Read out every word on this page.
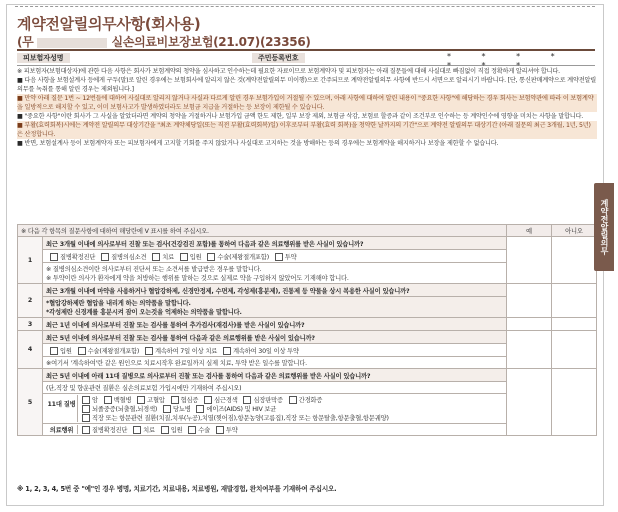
계약전알릴의무사항(회사용)
(무	실손의료비보장보험(21.07)(23356)
피보험자성명	주민등록번호	* * * * * * *

※ 피보험자(보험대상자)에 관한 다음 사항은 회사가 보험계약의 청약을 심사하고 인수하는데 필요한 자료이므로 보험계약자 및 피보험자는 아래 질문들에 대해 사실대로 빠짐없이 직접 정확하게 알리셔야 합니다.

■ 다음 사항을 보험설계사 등에게 구두(말)로 알린 경우에는 보험회사에 알리지 않은 것(계약전알릴의무 미이행)으로 간주되므로 계약전알릴의무 사항에 반드시 서면으로 알리시기 바랍니다. [단, 통신판매계약으로 계약전알릴의무를 녹취를 통해 알린 경우는 제외됩니다.]

■ 만약 아래 질문 1번 ~ 12번들에 대하여 사실대로 알리지 않거나 사실과 다르게 알린 경우 보험가입이 거절될 수 있으며, 아래 사항에 대하여 알린 내용이 "중요한 사항"에 해당하는 경우 회사는 보험약관에 따라 이 보험계약을 일방적으로 해지할 수 있고, 이미 보험사고가 발생하였더라도 보험금 지급을 거절하는 등 보장이 제한될 수 있습니다.

■ "중요한 사항"이란 회사가 그 사실을 알았더라면 계약의 청약을 거절하거나 보험가입 금액 한도 제한, 일부 보장 제외, 보험금 삭감, 보험료 할증과 같이 조건부로 인수하는 등 계약인수에 영향을 미치는 사항을 말합니다.

■ 부활(효력회복)시에는 계약전 알릴의무 대상기간을 "최초 계약체당일(또는 직전 부활(효력회복)일) 이후로부터 부활(효력 회복)을 청약한 날까지의 기간"으로 계약전 알릴의무 대상기간 (아래 질문의 최근 3개월, 1년, 5년) 은 산정합니다.

■ 반면, 보험설계사 등이 보험계약자 또는 피보험자에게 고지할 기회를 주지 않았거나 사실대로 고지하는 것을 방해하는 등의 경우에는 보험계약을 해지하거나 보장을 제한할 수 없습니다.

※ 다음 각 항목의 질문사항에 대하여 해당란에 V 표시를 하여 주십시오.		예	아니오
1	최근 3개월 이내에 의사로부터 진찰 또는 검사(건강검진 포함)를 통하여 다음과 같은 의료행위를 받은 사실이 있습니까?		
	질병확정진단 질병의심소견 치료 입원 수술(제왕절개포함) 투약		

	※ 질병의심소견이란 의사로부터 진단서 또는 소견서를 발급받은 경우를 말합니다.
※ 투약이란 의사가 환자에게 약을 처방하는 행위를 말하는 것으로 실제로 약을 구입하지 않았어도 기재해야 합니다.		

2	최근 3개월 이내에 마약을 사용하거나 혈압강하제, 신경안정제, 수면제, 각성제(흥분제), 진통제 등 약물을 상시 복용한 사실이 있습니까?		

	*혈압강하제란 혈압을 내리게 하는 의약품을 말합니다.
*각성제란 신경계를 흥분시켜 잠이 오는것을 억제하는 의약품을 말합니다.		

3	최근 1년 이내에 의사로부터 진찰 또는 검사를 통하여 추가검사(재검사)를 받은 사실이 있습니까?		
4	최근 5년 이내에 의사로부터 진찰 또는 검사를 통하여 다음과 같은 의료행위를 받은 사실이 있습니까?		
	입원 수술(제왕절개포함) 계속하여 7일 이상 치료 계속하여 30일 이상 투약		
	※여기서 '계속하여'란 같은 원인으로 치료시작후 완료일까지 실제 치료, 투약 받은 일수를 말합니다.		
5	최근 5년 이내에 아래 11대 질병으로 의사로부터 진찰 또는 검사를 통하여 다음과 같은 의료행위를 받은 사실이 있습니까?		
	(단,직장 및 향운관련 질환은 실손의료보험 가입시에만 기재하여 주십시오)		

	11대 질병
암 백혈병 고혈압 협심증 심근경색 심장판막증 간경화증
뇌졸중증(뇌출혈,뇌경색) 당뇨병 에이즈(AIDS) 및 HIV 보균
직장 또는 항문관련 질환(치질,치루(누공),치열(찢어짐),항문농양(고름집),직장 또는 항문탈출,항문출혈,항문궤양)		

	의료행위 질병확정진단 치료 입원 수술 투약		
※ 1, 2, 3, 4, 5번 중 "예"인 경우 병명, 치료기간, 치료내용, 치료병원, 재발경험, 완치여부를 기재하여 주십시오.
계약전알릴의무
